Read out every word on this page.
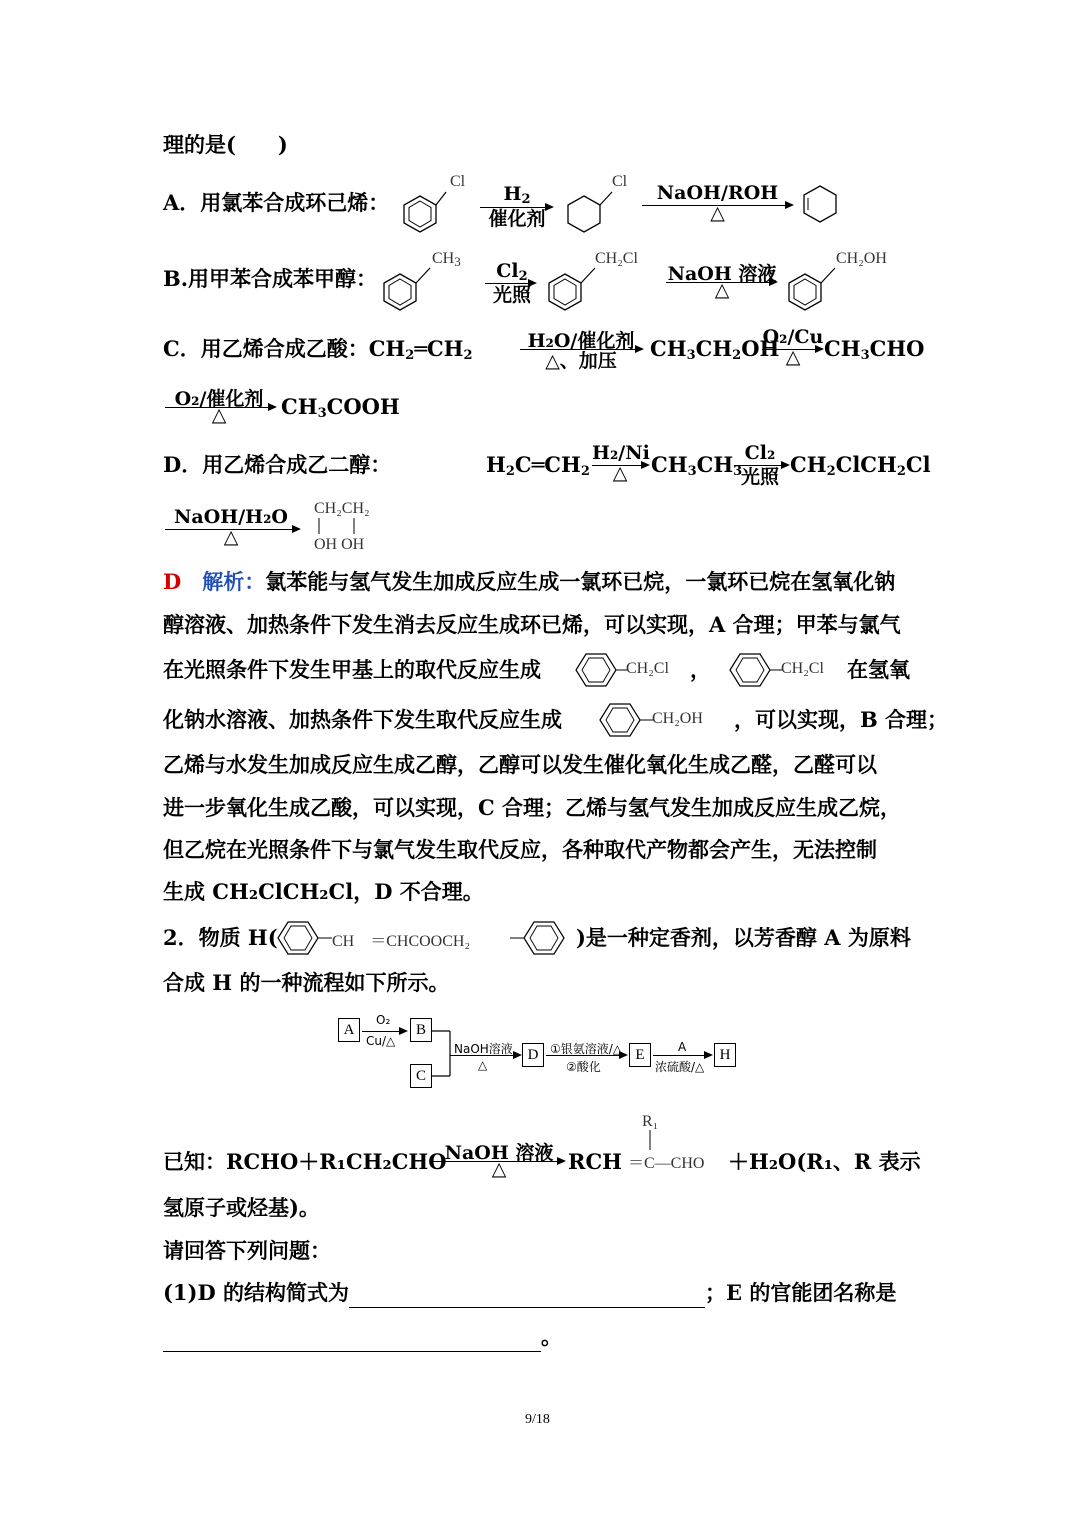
理的是(　　)
A．用氯苯合成环己烯：
Cl
$H_2$
催化剂
Cl
NaOH/ROH
△
B.用甲苯合成苯甲醇：
$CH_3$	$Cl_2$
光照
CH₂Cl
NaOH 溶液
△
CH₂OH
C．用乙烯合成乙酸：$CH_2═CH_2$
H₂O/催化剂
△、加压	$CH_3CH_2OH$
O₂/Cu
△	$CH_3CHO$
O₂/催化剂
△	$CH_3COOH$
D．用乙烯合成乙二醇：	$H_2C═CH_2$
H₂/Ni
△	$CH_3CH_3$
Cl₂
光照 $CH_2ClCH_2Cl$
NaOH/H₂O
△
CH₂CH₂
OH OH
D　 解析：氯苯能与氢气发生加成反应生成一氯环已烷，一氯环已烷在氢氧化钠
醇溶液、加热条件下发生消去反应生成环已烯，可以实现，A 合理；甲苯与氯气
在光照条件下发生甲基上的取代反应生成	CH₂Cl ，	CH₂Cl 在氢氧
化钠水溶液、加热条件下发生取代反应生成	CH₂OH ，可以实现，B 合理；
乙烯与水发生加成反应生成乙醇，乙醇可以发生催化氧化生成乙醛，乙醛可以
进一步氧化生成乙酸，可以实现，C 合理；乙烯与氢气发生加成反应生成乙烷，
但乙烷在光照条件下与氯气发生取代反应，各种取代产物都会产生，无法控制
生成 CH₂ClCH₂Cl，D 不合理。
2．物质 H(	CH　＝CHCOOCH₂	)是一种定香剂，以芳香醇 A 为原料
合成 H 的一种流程如下所示。
A
O₂
Cu/△
B
C
NaOH溶液
△
D ①银氨溶液/△
②酸化
E	A
浓硫酸/△
H
已知：RCHO＋R₁CH₂CHO
NaOH 溶液
△	RCH
R₁
＝C—CHO ＋H₂O(R₁、R 表示
氢原子或烃基)。
请回答下列问题：
(1)D 的结构简式为	；E 的官能团名称是
。
9/18
